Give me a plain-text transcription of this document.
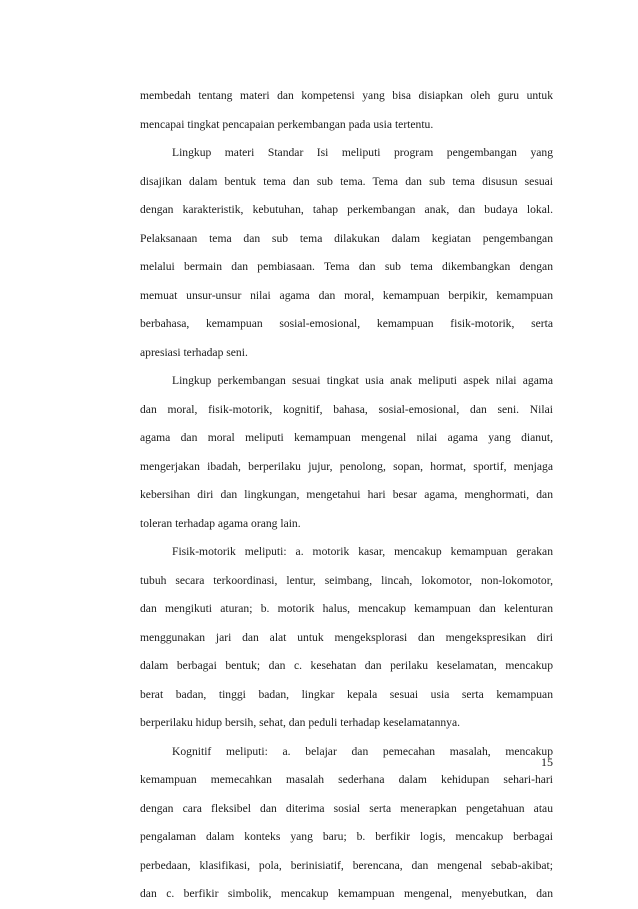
membedah tentang materi dan kompetensi yang bisa disiapkan oleh guru untuk
mencapai tingkat pencapaian perkembangan pada usia tertentu.
Lingkup materi Standar Isi meliputi program pengembangan yang
disajikan dalam bentuk tema dan sub tema. Tema dan sub tema disusun sesuai
dengan karakteristik, kebutuhan, tahap perkembangan anak, dan budaya lokal.
Pelaksanaan tema dan sub tema dilakukan dalam kegiatan pengembangan
melalui bermain dan pembiasaan. Tema dan sub tema dikembangkan dengan
memuat unsur-unsur nilai agama dan moral, kemampuan berpikir, kemampuan
berbahasa, kemampuan sosial-emosional, kemampuan fisik-motorik, serta
apresiasi terhadap seni.
Lingkup perkembangan sesuai tingkat usia anak meliputi aspek nilai agama
dan moral, fisik-motorik, kognitif, bahasa, sosial-emosional, dan seni. Nilai
agama dan moral meliputi kemampuan mengenal nilai agama yang dianut,
mengerjakan ibadah, berperilaku jujur, penolong, sopan, hormat, sportif, menjaga
kebersihan diri dan lingkungan, mengetahui hari besar agama, menghormati, dan
toleran terhadap agama orang lain.
Fisik-motorik meliputi: a. motorik kasar, mencakup kemampuan gerakan
tubuh secara terkoordinasi, lentur, seimbang, lincah, lokomotor, non-lokomotor,
dan mengikuti aturan; b. motorik halus, mencakup kemampuan dan kelenturan
menggunakan jari dan alat untuk mengeksplorasi dan mengekspresikan diri
dalam berbagai bentuk; dan c. kesehatan dan perilaku keselamatan, mencakup
berat badan, tinggi badan, lingkar kepala sesuai usia serta kemampuan
berperilaku hidup bersih, sehat, dan peduli terhadap keselamatannya.
Kognitif meliputi: a. belajar dan pemecahan masalah, mencakup
kemampuan memecahkan masalah sederhana dalam kehidupan sehari-hari
dengan cara fleksibel dan diterima sosial serta menerapkan pengetahuan atau
pengalaman dalam konteks yang baru; b. berfikir logis, mencakup berbagai
perbedaan, klasifikasi, pola, berinisiatif, berencana, dan mengenal sebab-akibat;
dan c. berfikir simbolik, mencakup kemampuan mengenal, menyebutkan, dan
15
